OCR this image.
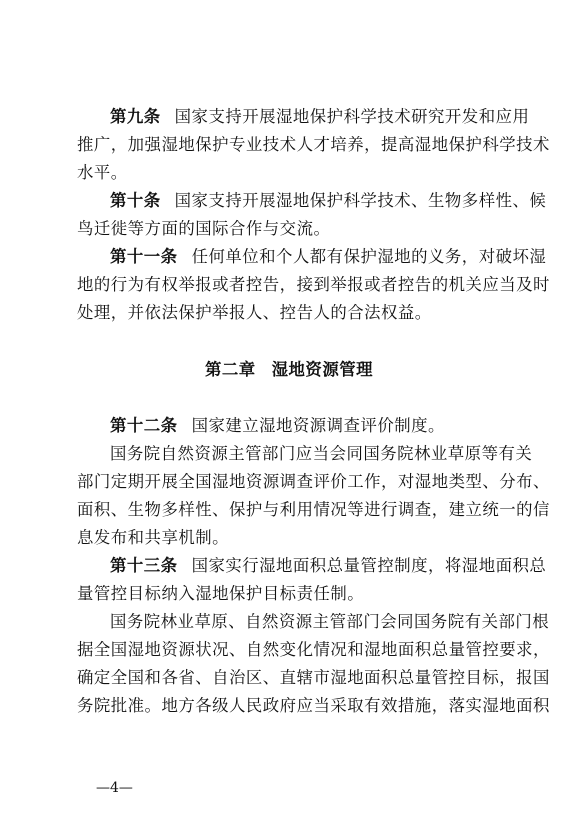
第九条 国家支持开展湿地保护科学技术研究开发和应用
推广，加强湿地保护专业技术人才培养，提高湿地保护科学技术
水平。
第十条 国家支持开展湿地保护科学技术、生物多样性、候
鸟迁徙等方面的国际合作与交流。
第十一条 任何单位和个人都有保护湿地的义务，对破坏湿
地的行为有权举报或者控告，接到举报或者控告的机关应当及时
处理，并依法保护举报人、控告人的合法权益。
第二章 湿地资源管理
第十二条 国家建立湿地资源调查评价制度。
国务院自然资源主管部门应当会同国务院林业草原等有关
部门定期开展全国湿地资源调查评价工作，对湿地类型、分布、
面积、生物多样性、保护与利用情况等进行调查，建立统一的信
息发布和共享机制。
第十三条 国家实行湿地面积总量管控制度，将湿地面积总
量管控目标纳入湿地保护目标责任制。
国务院林业草原、自然资源主管部门会同国务院有关部门根
据全国湿地资源状况、自然变化情况和湿地面积总量管控要求，
确定全国和各省、自治区、直辖市湿地面积总量管控目标，报国
务院批准。地方各级人民政府应当采取有效措施，落实湿地面积
—4—
